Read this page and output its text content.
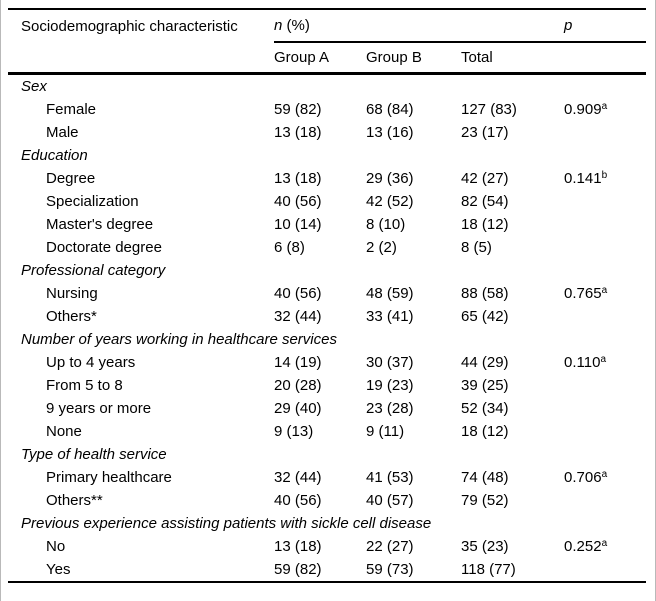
Sociodemographic characteristic	n (%)			p
	Group A	Group B	Total	
Sex				
Female	59 (82)	68 (84)	127 (83)	0.909$^a$
Male	13 (18)	13 (16)	23 (17)	
Education				
Degree	13 (18)	29 (36)	42 (27)	0.141$^b$
Specialization	40 (56)	42 (52)	82 (54)	
Master's degree	10 (14)	8 (10)	18 (12)	
Doctorate degree	6 (8)	2 (2)	8 (5)	
Professional category				
Nursing	40 (56)	48 (59)	88 (58)	0.765$^a$
Others*	32 (44)	33 (41)	65 (42)	
Number of years working in healthcare services				
Up to 4 years	14 (19)	30 (37)	44 (29)	0.110$^a$
From 5 to 8	20 (28)	19 (23)	39 (25)	
9 years or more	29 (40)	23 (28)	52 (34)	
None	9 (13)	9 (11)	18 (12)	
Type of health service				
Primary healthcare	32 (44)	41 (53)	74 (48)	0.706$^a$
Others**	40 (56)	40 (57)	79 (52)	
Previous experience assisting patients with sickle cell disease				
No	13 (18)	22 (27)	35 (23)	0.252$^a$
Yes	59 (82)	59 (73)	118 (77)	
